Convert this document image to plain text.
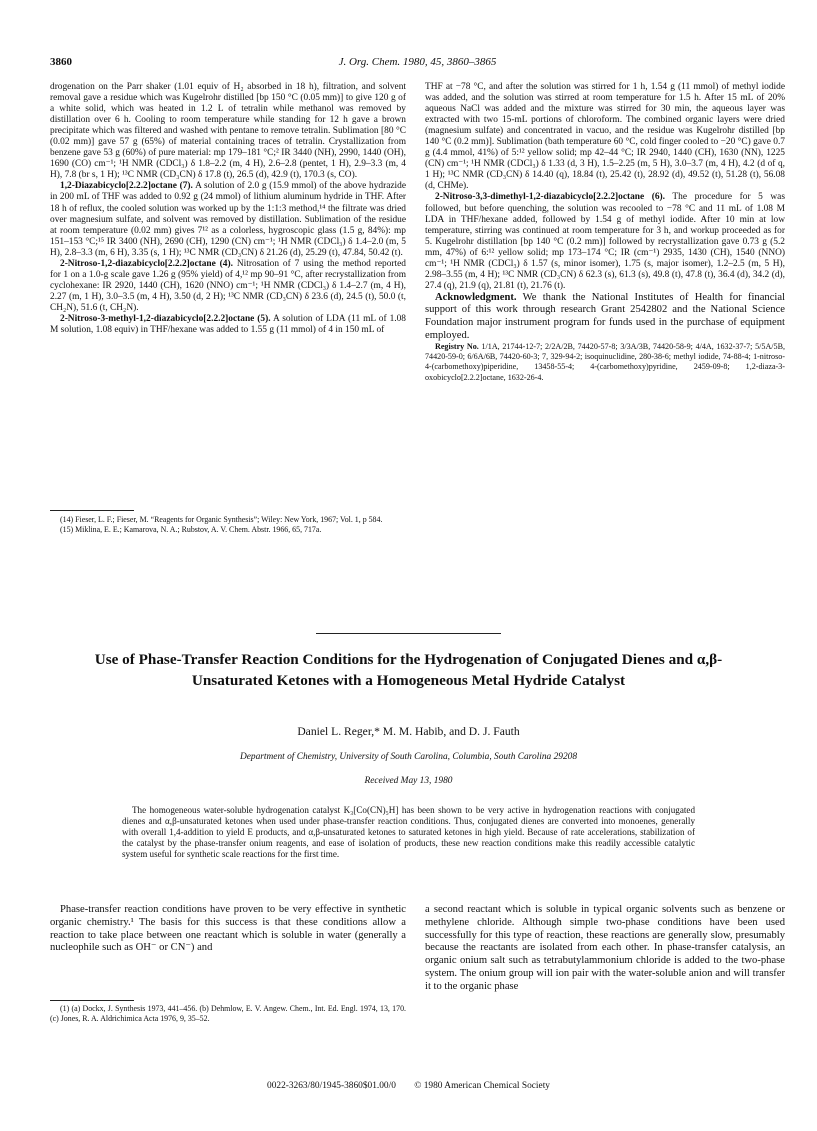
3860	J. Org. Chem. 1980, 45, 3860–3865

drogenation on the Parr shaker (1.01 equiv of H₂ absorbed in 18 h), filtration, and solvent removal gave a residue which was Kugelrohr distilled [bp 150 °C (0.05 mm)] to give 120 g of a white solid, which was heated in 1.2 L of tetralin while methanol was removed by distillation over 6 h. Cooling to room temperature while standing for 12 h gave a brown precipitate which was filtered and washed with pentane to remove tetralin. Sublimation [80 °C (0.02 mm)] gave 57 g (65%) of material containing traces of tetralin. Crystallization from benzene gave 53 g (60%) of pure material: mp 179–181 °C;² IR 3440 (NH), 2990, 1440 (OH), 1690 (CO) cm⁻¹; ¹H NMR (CDCl₃) δ 1.8–2.2 (m, 4 H), 2.6–2.8 (pentet, 1 H), 2.9–3.3 (m, 4 H), 7.8 (br s, 1 H); ¹³C NMR (CD₃CN) δ 17.8 (t), 26.5 (d), 42.9 (t), 170.3 (s, CO).

1,2-Diazabicyclo[2.2.2]octane (7). A solution of 2.0 g (15.9 mmol) of the above hydrazide in 200 mL of THF was added to 0.92 g (24 mmol) of lithium aluminum hydride in THF. After 18 h of reflux, the cooled solution was worked up by the 1:1:3 method,¹⁴ the filtrate was dried over magnesium sulfate, and solvent was removed by distillation. Sublimation of the residue at room temperature (0.02 mm) gives 7¹² as a colorless, hygroscopic glass (1.5 g, 84%): mp 151–153 °C;¹⁵ IR 3400 (NH), 2690 (CH), 1290 (CN) cm⁻¹; ¹H NMR (CDCl₃) δ 1.4–2.0 (m, 5 H), 2.8–3.3 (m, 6 H), 3.35 (s, 1 H); ¹³C NMR (CD₃CN) δ 21.26 (d), 25.29 (t), 47.84, 50.42 (t).

2-Nitroso-1,2-diazabicyclo[2.2.2]octane (4). Nitrosation of 7 using the method reported for 1 on a 1.0-g scale gave 1.26 g (95% yield) of 4,¹² mp 90–91 °C, after recrystallization from cyclohexane: IR 2920, 1440 (CH), 1620 (NNO) cm⁻¹; ¹H NMR (CDCl₃) δ 1.4–2.7 (m, 4 H), 2.27 (m, 1 H), 3.0–3.5 (m, 4 H), 3.50 (d, 2 H); ¹³C NMR (CD₃CN) δ 23.6 (d), 24.5 (t), 50.0 (t, CH₂N), 51.6 (t, CH₂N).

2-Nitroso-3-methyl-1,2-diazabicyclo[2.2.2]octane (5). A solution of LDA (11 mL of 1.08 M solution, 1.08 equiv) in THF/hexane was added to 1.55 g (11 mmol) of 4 in 150 mL of

(14) Fieser, L. F.; Fieser, M. “Reagents for Organic Synthesis”; Wiley: New York, 1967; Vol. 1, p 584.
(15) Miklina, E. E.; Kamarova, N. A.; Rubstov, A. V. Chem. Abstr. 1966, 65, 717a.

THF at −78 °C, and after the solution was stirred for 1 h, 1.54 g (11 mmol) of methyl iodide was added, and the solution was stirred at room temperature for 1.5 h. After 15 mL of 20% aqueous NaCl was added and the mixture was stirred for 30 min, the aqueous layer was extracted with two 15-mL portions of chloroform. The combined organic layers were dried (magnesium sulfate) and concentrated in vacuo, and the residue was Kugelrohr distilled [bp 140 °C (0.2 mm)]. Sublimation (bath temperature 60 °C, cold finger cooled to −20 °C) gave 0.7 g (4.4 mmol, 41%) of 5:¹² yellow solid; mp 42–44 °C; IR 2940, 1440 (CH), 1630 (NN), 1225 (CN) cm⁻¹; ¹H NMR (CDCl₃) δ 1.33 (d, 3 H), 1.5–2.25 (m, 5 H), 3.0–3.7 (m, 4 H), 4.2 (d of q, 1 H); ¹³C NMR (CD₃CN) δ 14.40 (q), 18.84 (t), 25.42 (t), 28.92 (d), 49.52 (t), 51.28 (t), 56.08 (d, CHMe).

2-Nitroso-3,3-dimethyl-1,2-diazabicyclo[2.2.2]octane (6). The procedure for 5 was followed, but before quenching, the solution was recooled to −78 °C and 11 mL of 1.08 M LDA in THF/hexane added, followed by 1.54 g of methyl iodide. After 10 min at low temperature, stirring was continued at room temperature for 3 h, and workup proceeded as for 5. Kugelrohr distillation [bp 140 °C (0.2 mm)] followed by recrystallization gave 0.73 g (5.2 mm, 47%) of 6:¹² yellow solid; mp 173–174 °C; IR (cm⁻¹) 2935, 1430 (CH), 1540 (NNO) cm⁻¹; ¹H NMR (CDCl₃) δ 1.57 (s, minor isomer), 1.75 (s, major isomer), 1.2–2.5 (m, 5 H), 2.98–3.55 (m, 4 H); ¹³C NMR (CD₃CN) δ 62.3 (s), 61.3 (s), 49.8 (t), 47.8 (t), 36.4 (d), 34.2 (d), 27.4 (q), 21.9 (q), 21.81 (t), 21.76 (t).

Acknowledgment. We thank the National Institutes of Health for financial support of this work through research Grant 2542802 and the National Science Foundation major instrument program for funds used in the purchase of equipment employed.

Registry No. 1/1A, 21744-12-7; 2/2A/2B, 74420-57-8; 3/3A/3B, 74420-58-9; 4/4A, 1632-37-7; 5/5A/5B, 74420-59-0; 6/6A/6B, 74420-60-3; 7, 329-94-2; isoquinuclidine, 280-38-6; methyl iodide, 74-88-4; 1-nitroso-4-(carbomethoxy)piperidine, 13458-55-4; 4-(carbomethoxy)pyridine, 2459-09-8; 1,2-diaza-3-oxobicyclo[2.2.2]octane, 1632-26-4.

Use of Phase-Transfer Reaction Conditions for the Hydrogenation of Conjugated Dienes and α,β-Unsaturated Ketones with a Homogeneous Metal Hydride Catalyst
Daniel L. Reger,* M. M. Habib, and D. J. Fauth
Department of Chemistry, University of South Carolina, Columbia, South Carolina 29208
Received May 13, 1980

The homogeneous water-soluble hydrogenation catalyst K₃[Co(CN)₅H] has been shown to be very active in hydrogenation reactions with conjugated dienes and α,β-unsaturated ketones when used under phase-transfer reaction conditions. Thus, conjugated dienes are converted into monoenes, generally with overall 1,4-addition to yield E products, and α,β-unsaturated ketones to saturated ketones in high yield. Because of rate accelerations, stabilization of the catalyst by the phase-transfer onium reagents, and ease of isolation of products, these new reaction conditions make this readily accessible catalytic system useful for synthetic scale reactions for the first time.

Phase-transfer reaction conditions have proven to be very effective in synthetic organic chemistry.¹ The basis for this success is that these conditions allow a reaction to take place between one reactant which is soluble in water (generally a nucleophile such as OH⁻ or CN⁻) and

a second reactant which is soluble in typical organic solvents such as benzene or methylene chloride. Although simple two-phase conditions have been used successfully for this type of reaction, these reactions are generally slow, presumably because the reactants are isolated from each other. In phase-transfer catalysis, an organic onium salt such as tetrabutylammonium chloride is added to the two-phase system. The onium group will ion pair with the water-soluble anion and will transfer it to the organic phase

(1) (a) Dockx, J. Synthesis 1973, 441–456. (b) Dehmlow, E. V. Angew. Chem., Int. Ed. Engl. 1974, 13, 170. (c) Jones, R. A. Aldrichimica Acta 1976, 9, 35–52.

0022-3263/80/1945-3860$01.00/0 © 1980 American Chemical Society
